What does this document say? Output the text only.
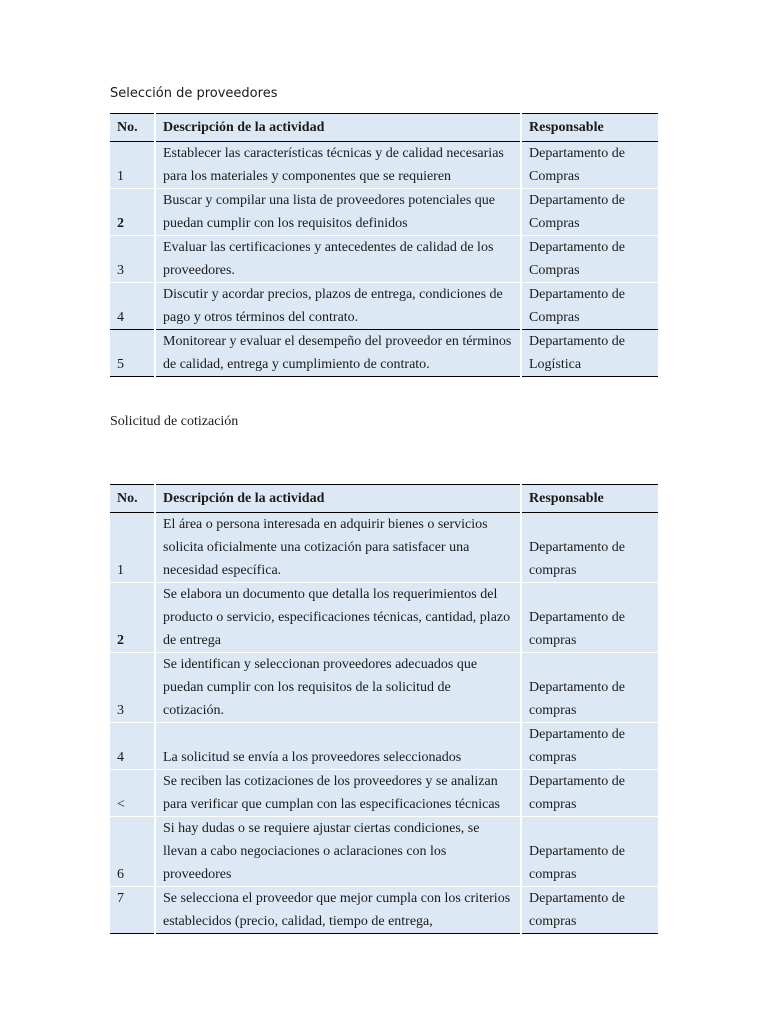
Selección de proveedores
No.	Descripción de la actividad	Responsable
1	Establecer las características técnicas y de calidad necesarias para los materiales y componentes que se requieren	Departamento de Compras
2	Buscar y compilar una lista de proveedores potenciales que puedan cumplir con los requisitos definidos	Departamento de Compras
3	Evaluar las certificaciones y antecedentes de calidad de los proveedores.	Departamento de Compras
4	Discutir y acordar precios, plazos de entrega, condiciones de pago y otros términos del contrato.	Departamento de Compras
5	Monitorear y evaluar el desempeño del proveedor en términos de calidad, entrega y cumplimiento de contrato.	Departamento de Logística
Solicitud de cotización
No.	Descripción de la actividad	Responsable
1	El área o persona interesada en adquirir bienes o servicios solicita oficialmente una cotización para satisfacer una necesidad específica.	Departamento de compras
2	Se elabora un documento que detalla los requerimientos del producto o servicio, especificaciones técnicas, cantidad, plazo de entrega	Departamento de compras
3	Se identifican y seleccionan proveedores adecuados que puedan cumplir con los requisitos de la solicitud de cotización.	Departamento de compras
4	La solicitud se envía a los proveedores seleccionados	Departamento de compras
<	Se reciben las cotizaciones de los proveedores y se analizan para verificar que cumplan con las especificaciones técnicas	Departamento de compras
6	Si hay dudas o se requiere ajustar ciertas condiciones, se llevan a cabo negociaciones o aclaraciones con los proveedores	Departamento de compras
7	Se selecciona el proveedor que mejor cumpla con los criterios establecidos (precio, calidad, tiempo de entrega,	Departamento de compras
